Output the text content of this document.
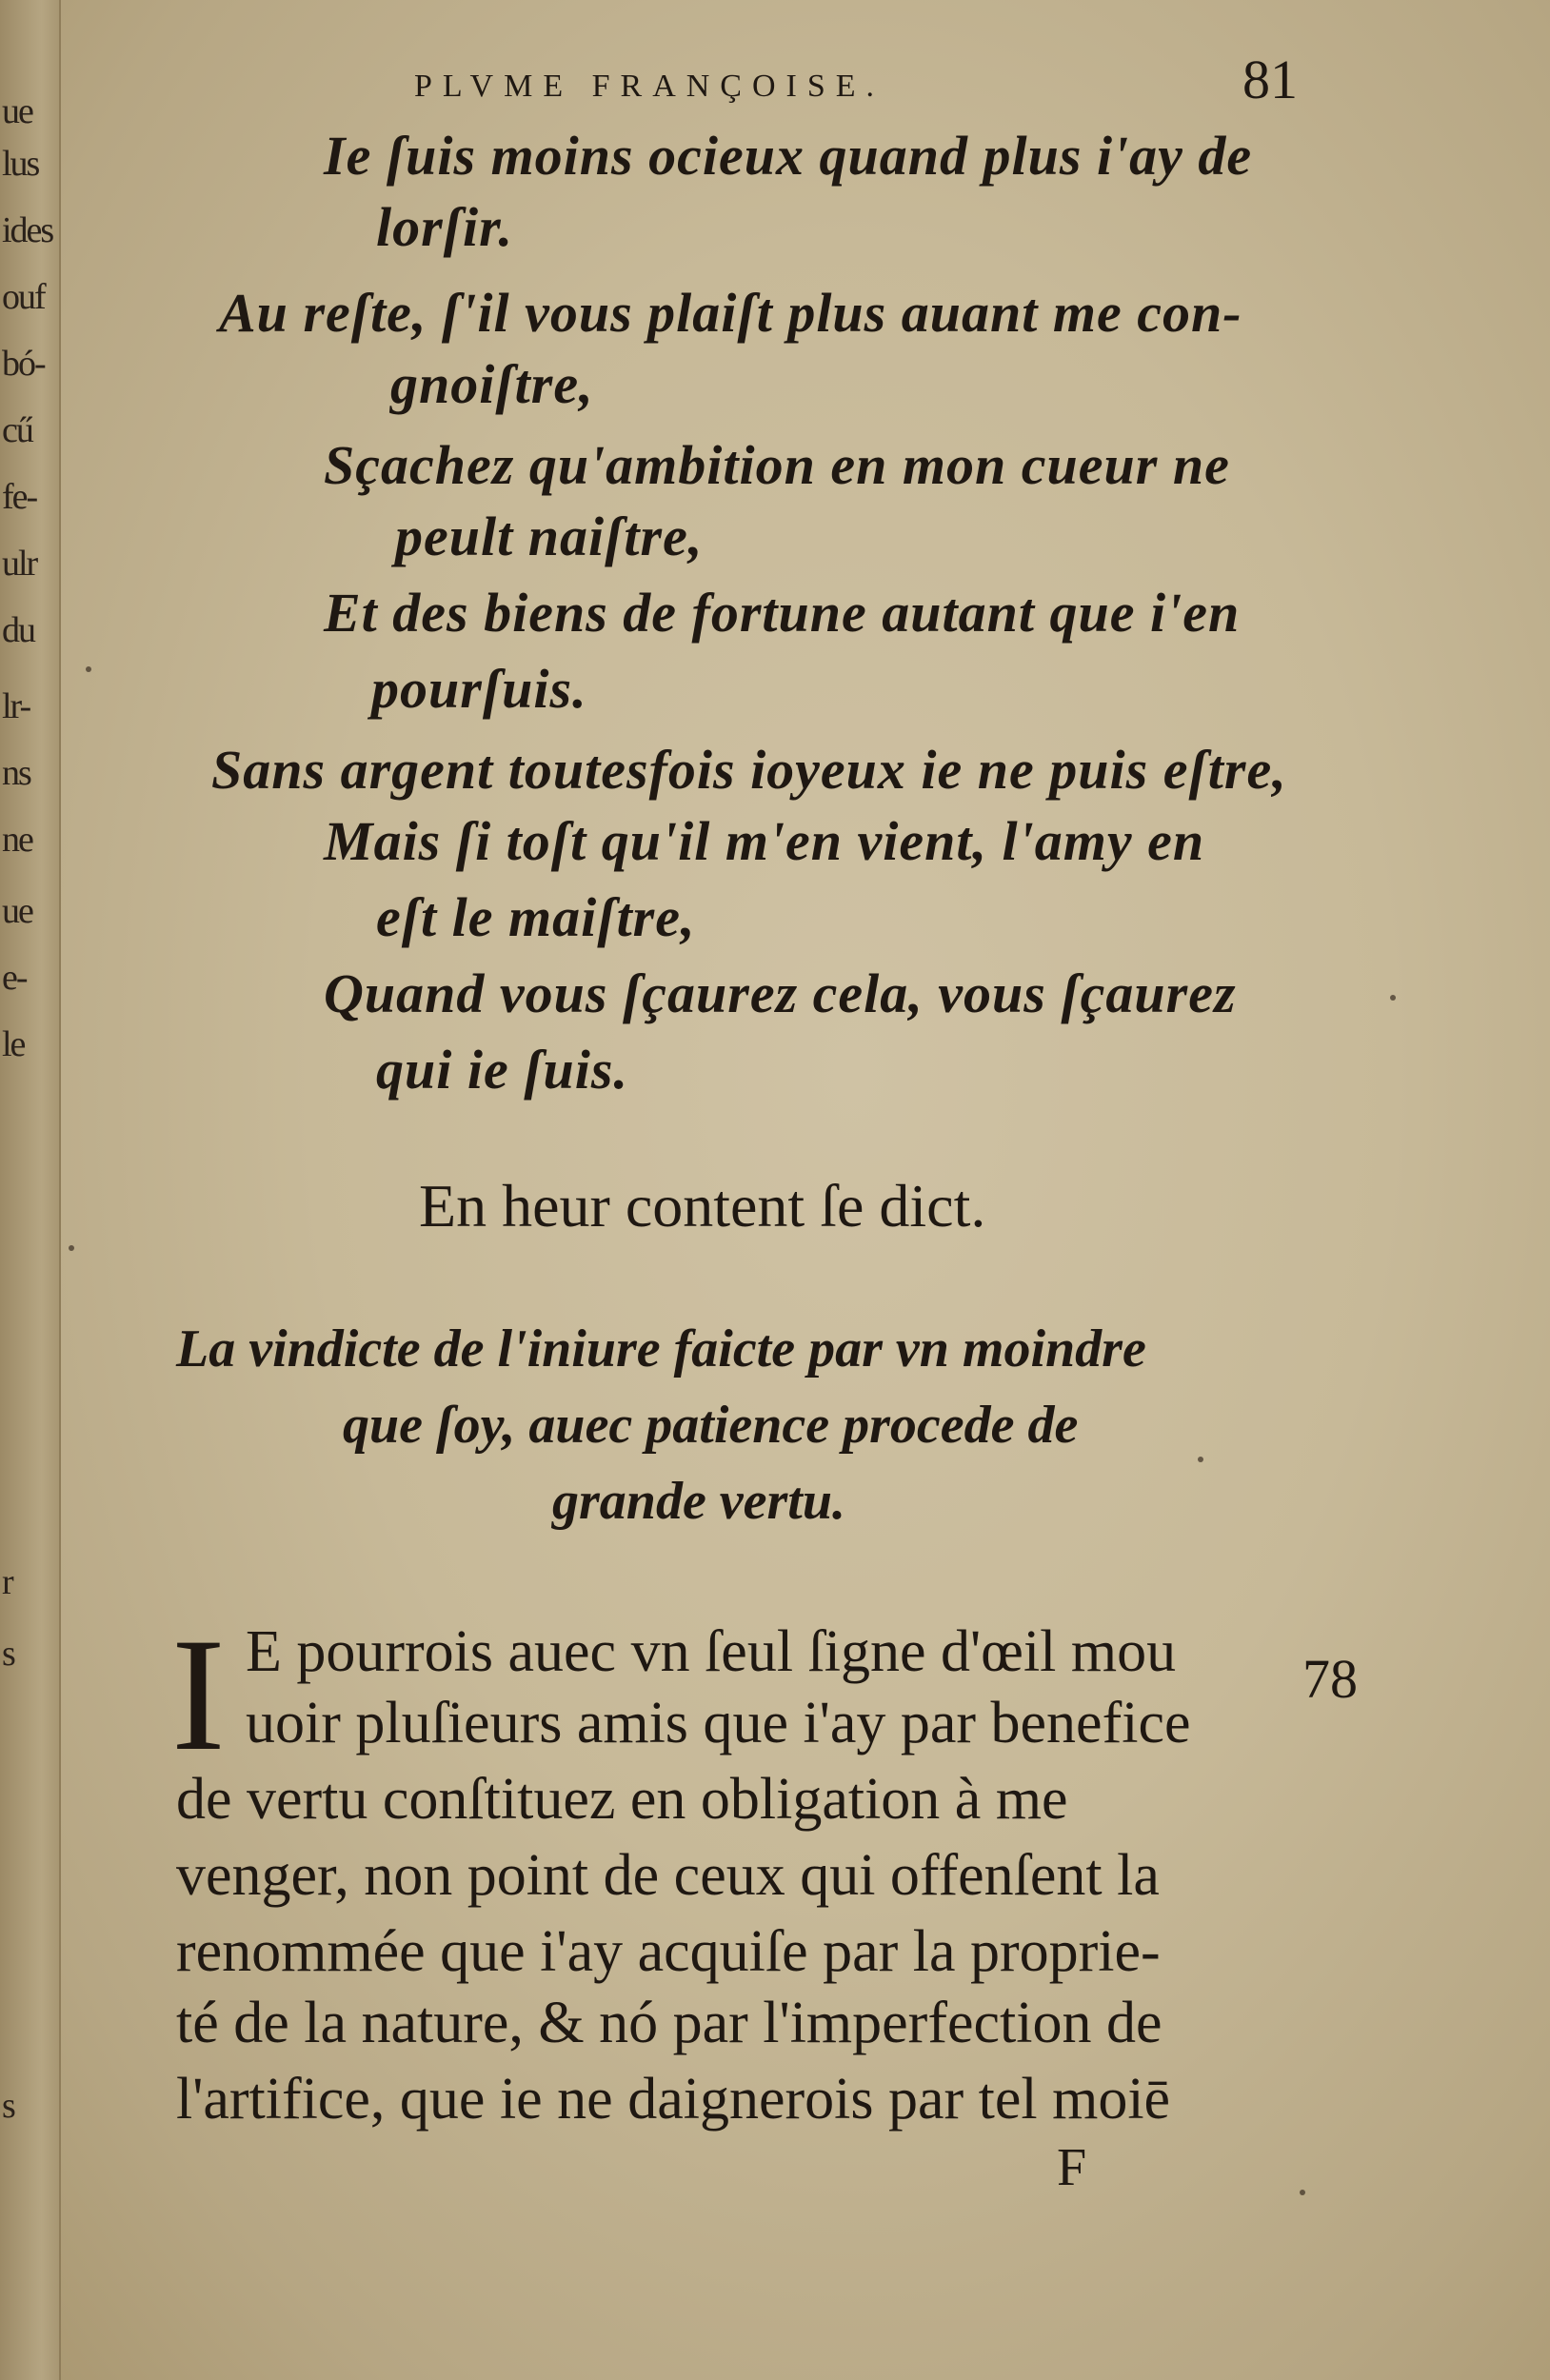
ue
lus
ides
ouf
bó-
cű
fe-
ulr
du
lr-
ns
ne
ue
e-
le
r
s
s
PLVME FRANÇOISE.	81
Ie ſuis moins ocieux quand plus i'ay de
lorſir.
Au reſte, ſ'il vous plaiſt plus auant me con-
gnoiſtre,
Sçachez qu'ambition en mon cueur ne
peult naiſtre,
Et des biens de fortune autant que i'en
pourſuis.
Sans argent toutesfois ioyeux ie ne puis eſtre,
Mais ſi toſt qu'il m'en vient, l'amy en
eſt le maiſtre,
Quand vous ſçaurez cela, vous ſçaurez
qui ie ſuis.
En heur content ſe dict.
La vindicte de l'iniure faicte par vn moindre
que ſoy, auec patience procede de
grande vertu.
I E pourrois auec vn ſeul ſigne d'œil mou
uoir pluſieurs amis que i'ay par benefice
de vertu conſtituez en obligation à me
venger, non point de ceux qui offenſent la
renommée que i'ay acquiſe par la proprie-
té de la nature, & nó par l'imperfection de
l'artifice, que ie ne daignerois par tel moiē
78
F
